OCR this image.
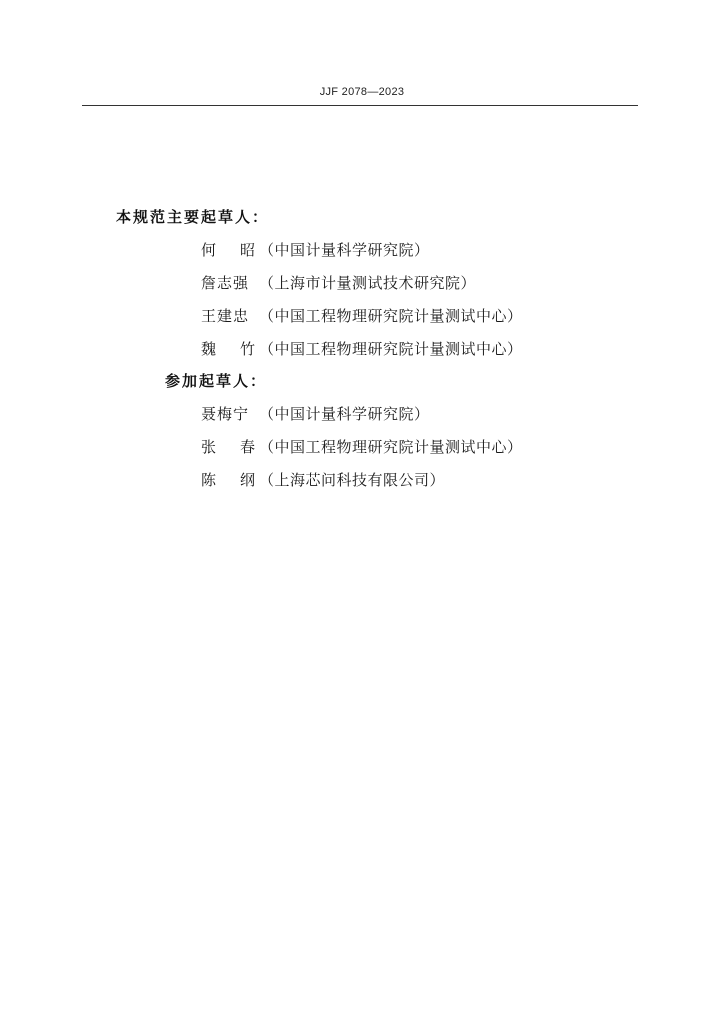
JJF 2078—2023
本规范主要起草人：
何 昭 （中国计量科学研究院）
詹志强 （上海市计量测试技术研究院）
王建忠 （中国工程物理研究院计量测试中心）
魏 竹 （中国工程物理研究院计量测试中心）
参加起草人：
聂梅宁 （中国计量科学研究院）
张 春 （中国工程物理研究院计量测试中心）
陈 纲 （上海芯问科技有限公司）
